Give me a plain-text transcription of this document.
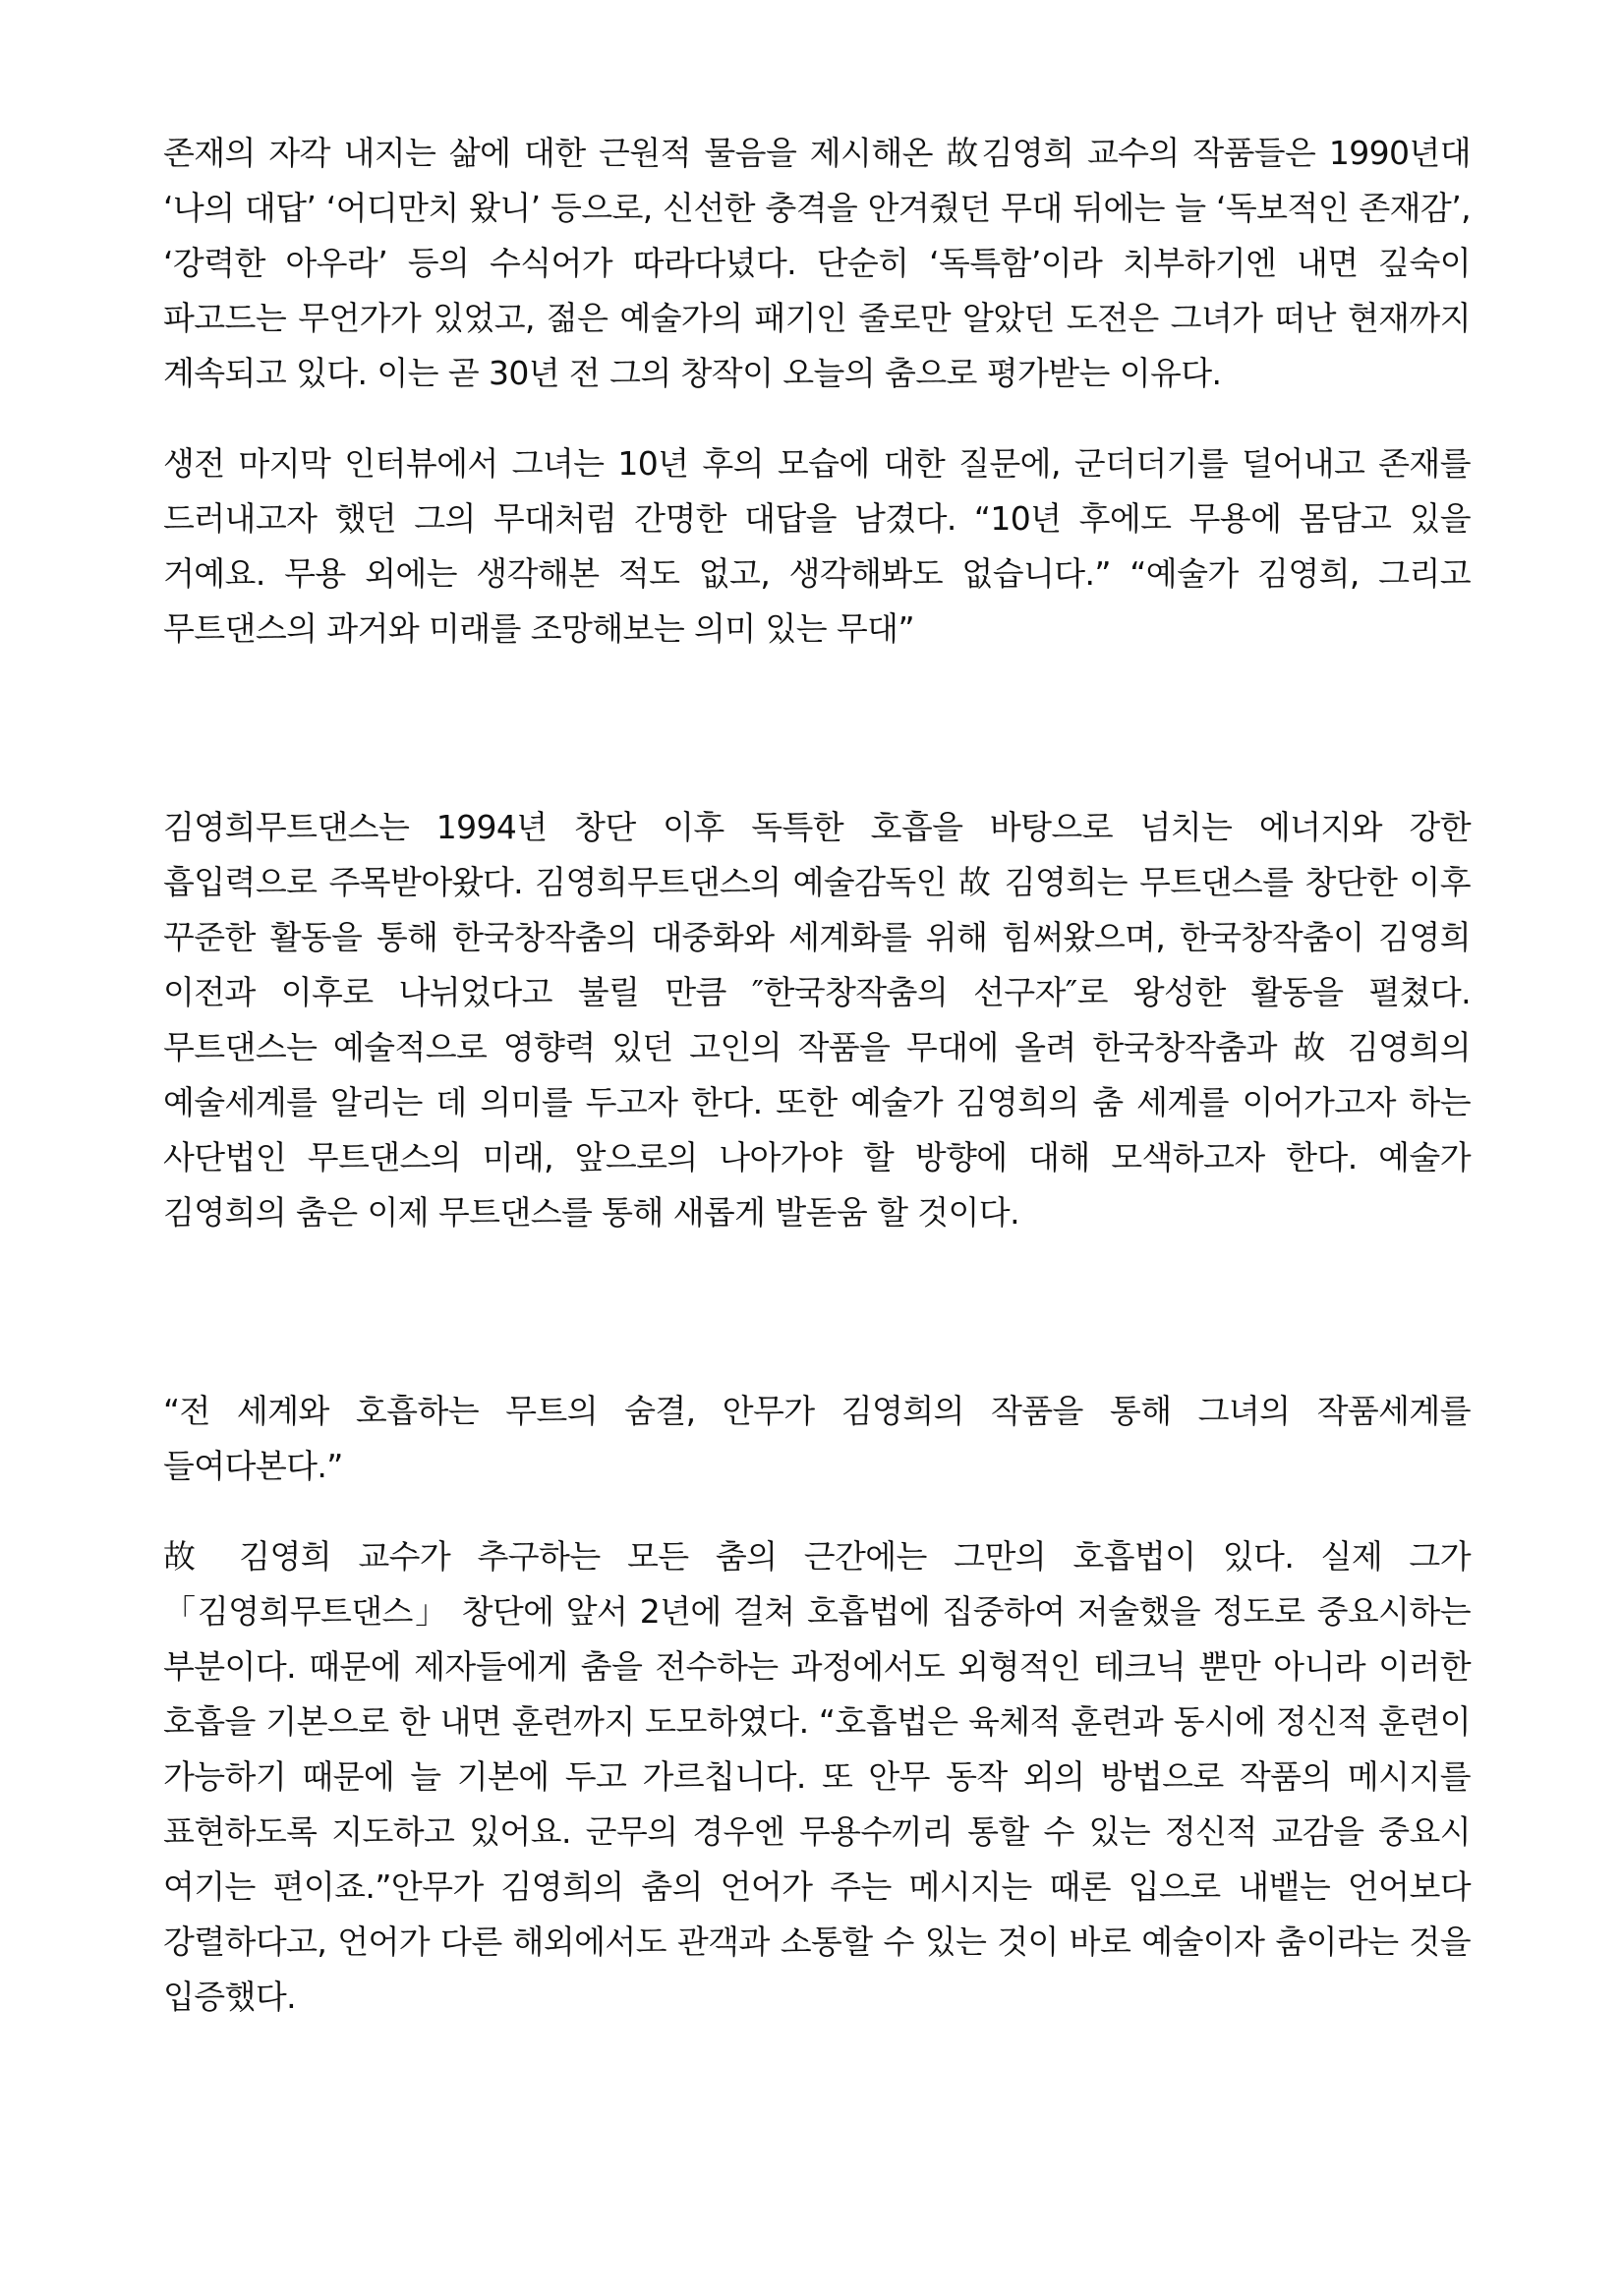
존재의 자각 내지는 삶에 대한 근원적 물음을 제시해온 故김영희 교수의 작품들은 1990년대 ‘나의 대답’ ‘어디만치 왔니’ 등으로, 신선한 충격을 안겨줬던 무대 뒤에는 늘 ‘독보적인 존재감’, ‘강력한 아우라’ 등의 수식어가 따라다녔다. 단순히 ‘독특함’이라 치부하기엔 내면 깊숙이 파고드는 무언가가 있었고, 젊은 예술가의 패기인 줄로만 알았던 도전은 그녀가 떠난 현재까지 계속되고 있다. 이는 곧 30년 전 그의 창작이 오늘의 춤으로 평가받는 이유다.

생전 마지막 인터뷰에서 그녀는 10년 후의 모습에 대한 질문에, 군더더기를 덜어내고 존재를 드러내고자 했던 그의 무대처럼 간명한 대답을 남겼다. “10년 후에도 무용에 몸담고 있을 거예요. 무용 외에는 생각해본 적도 없고, 생각해봐도 없습니다.” “예술가 김영희, 그리고 무트댄스의 과거와 미래를 조망해보는 의미 있는 무대”

김영희무트댄스는 1994년 창단 이후 독특한 호흡을 바탕으로 넘치는 에너지와 강한 흡입력으로 주목받아왔다. 김영희무트댄스의 예술감독인 故 김영희는 무트댄스를 창단한 이후 꾸준한 활동을 통해 한국창작춤의 대중화와 세계화를 위해 힘써왔으며, 한국창작춤이 김영희 이전과 이후로 나뉘었다고 불릴 만큼 ″한국창작춤의 선구자″로 왕성한 활동을 펼쳤다. 무트댄스는 예술적으로 영향력 있던 고인의 작품을 무대에 올려 한국창작춤과 故 김영희의 예술세계를 알리는 데 의미를 두고자 한다. 또한 예술가 김영희의 춤 세계를 이어가고자 하는 사단법인 무트댄스의 미래, 앞으로의 나아가야 할 방향에 대해 모색하고자 한다. 예술가 김영희의 춤은 이제 무트댄스를 통해 새롭게 발돋움 할 것이다.

“전 세계와 호흡하는 무트의 숨결, 안무가 김영희의 작품을 통해 그녀의 작품세계를 들여다본다.”

故 김영희 교수가 추구하는 모든 춤의 근간에는 그만의 호흡법이 있다. 실제 그가 「김영희무트댄스」 창단에 앞서 2년에 걸쳐 호흡법에 집중하여 저술했을 정도로 중요시하는 부분이다. 때문에 제자들에게 춤을 전수하는 과정에서도 외형적인 테크닉 뿐만 아니라 이러한 호흡을 기본으로 한 내면 훈련까지 도모하였다. “호흡법은 육체적 훈련과 동시에 정신적 훈련이 가능하기 때문에 늘 기본에 두고 가르칩니다. 또 안무 동작 외의 방법으로 작품의 메시지를 표현하도록 지도하고 있어요. 군무의 경우엔 무용수끼리 통할 수 있는 정신적 교감을 중요시 여기는 편이죠.”안무가 김영희의 춤의 언어가 주는 메시지는 때론 입으로 내뱉는 언어보다 강렬하다고, 언어가 다른 해외에서도 관객과 소통할 수 있는 것이 바로 예술이자 춤이라는 것을 입증했다.
